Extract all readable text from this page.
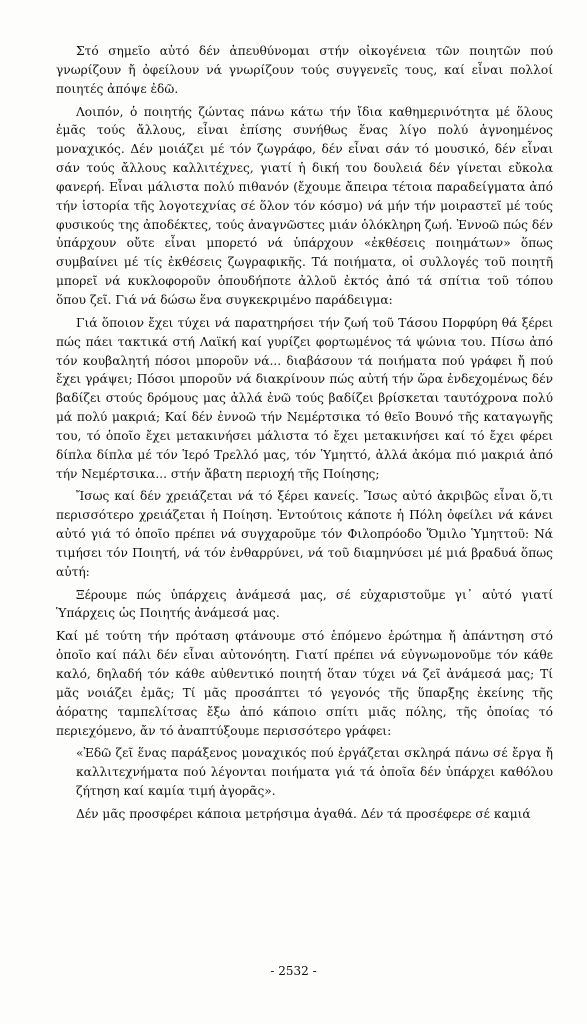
Στό σημεῖο αὐτό δέν ἀπευθύνομαι στήν οἰκογένεια τῶν ποιητῶν πού γνωρίζουν ἤ ὀφείλουν νά γνωρίζουν τούς συγγενεῖς τους, καί εἶναι πολλοί ποιητές ἀπόψε ἐδῶ.

Λοιπόν, ὁ ποιητής ζώντας πάνω κάτω τήν ἴδια καθημερινότητα μέ ὅλους ἐμᾶς τούς ἄλλους, εἶναι ἐπίσης συνήθως ἕνας λίγο πολύ ἀγνοημένος μοναχικός. Δέν μοιάζει μέ τόν ζωγράφο, δέν εἶναι σάν τό μουσικό, δέν εἶναι σάν τούς ἄλλους καλλιτέχνες, γιατί ἡ δική του δουλειά δέν γίνεται εὔκολα φανερή. Εἶναι μάλιστα πολύ πιθανόν (ἔχουμε ἄπειρα τέτοια παραδείγματα ἀπό τήν ἱστορία τῆς λογοτεχνίας σέ ὅλον τόν κόσμο) νά μήν τήν μοιραστεῖ μέ τούς φυσικούς της ἀποδέκτες, τούς ἀναγνῶστες μιάν ὁλόκληρη ζωή. Ἐννοῶ πώς δέν ὑπάρχουν οὔτε εἶναι μπορετό νά ὑπάρχουν «ἐκθέσεις ποιημάτων» ὅπως συμβαίνει μέ τίς ἐκθέσεις ζωγραφικῆς. Τά ποιήματα, οἱ συλλογές τοῦ ποιητῆ μπορεῖ νά κυκλοφοροῦν ὁπουδήποτε ἀλλοῦ ἐκτός ἀπό τά σπίτια τοῦ τόπου ὅπου ζεῖ. Γιά νά δώσω ἕνα συγκεκριμένο παράδειγμα:

Γιά ὅποιον ἔχει τύχει νά παρατηρήσει τήν ζωή τοῦ Τάσου Πορφύρη θά ξέρει πώς πάει τακτικά στή Λαϊκή καί γυρίζει φορτωμένος τά ψώνια του. Πίσω ἀπό τόν κουβαλητή πόσοι μποροῦν νά... διαβάσουν τά ποιήματα πού γράφει ἤ πού ἔχει γράψει; Πόσοι μποροῦν νά διακρίνουν πώς αὐτή τήν ὥρα ἐνδεχομένως δέν βαδίζει στούς δρόμους μας ἀλλά ἐνῶ τούς βαδίζει βρίσκεται ταυτόχρονα πολύ μά πολύ μακριά; Καί δέν ἐννοῶ τήν Νεμέρτσικα τό θεῖο Βουνό τῆς καταγωγῆς του, τό ὁποῖο ἔχει μετακινήσει μάλιστα τό ἔχει μετακινήσει καί τό ἔχει φέρει δίπλα δίπλα μέ τόν Ἱερό Τρελλό μας, τόν Ὑμηττό, ἀλλά ἀκόμα πιό μακριά ἀπό τήν Νεμέρτσικα... στήν ἄβατη περιοχή τῆς Ποίησης;

Ἴσως καί δέν χρειάζεται νά τό ξέρει κανείς. Ἴσως αὐτό ἀκριβῶς εἶναι ὅ,τι περισσότερο χρειάζεται ἡ Ποίηση. Ἐντούτοις κάποτε ἡ Πόλη ὀφείλει νά κάνει αὐτό γιά τό ὁποῖο πρέπει νά συγχαροῦμε τόν Φιλοπρόοδο Ὅμιλο Ὑμηττοῦ: Νά τιμήσει τόν Ποιητή, νά τόν ἐνθαρρύνει, νά τοῦ διαμηνύσει μέ μιά βραδυά ὅπως αὐτή:

Ξέρουμε πώς ὑπάρχεις ἀνάμεσά μας, σέ εὐχαριστοῦμε γι᾽ αὐτό γιατί Ὑπάρχεις ὡς Ποιητής ἀνάμεσά μας.

Καί μέ τούτη τήν πρόταση φτάνουμε στό ἑπόμενο ἐρώτημα ἤ ἀπάντηση στό ὁποῖο καί πάλι δέν εἶναι αὐτονόητη. Γιατί πρέπει νά εὐγνωμονοῦμε τόν κάθε καλό, δηλαδή τόν κάθε αὐθεντικό ποιητή ὅταν τύχει νά ζεῖ ἀνάμεσά μας; Τί μᾶς νοιάζει ἐμᾶς; Τί μᾶς προσάπτει τό γεγονός τῆς ὕπαρξης ἐκείνης τῆς ἀόρατης ταμπελίτσας ἔξω ἀπό κάποιο σπίτι μιᾶς πόλης, τῆς ὁποίας τό περιεχόμενο, ἄν τό ἀναπτύξουμε περισσότερο γράφει:

«Ἐδῶ ζεῖ ἕνας παράξενος μοναχικός πού ἐργάζεται σκληρά πάνω σέ ἔργα ἤ καλλιτεχνήματα πού λέγονται ποιήματα γιά τά ὁποῖα δέν ὑπάρχει καθόλου ζήτηση καί καμία τιμή ἀγορᾶς».

Δέν μᾶς προσφέρει κάποια μετρήσιμα ἀγαθά. Δέν τά προσέφερε σέ καμιά

- 2532 -
